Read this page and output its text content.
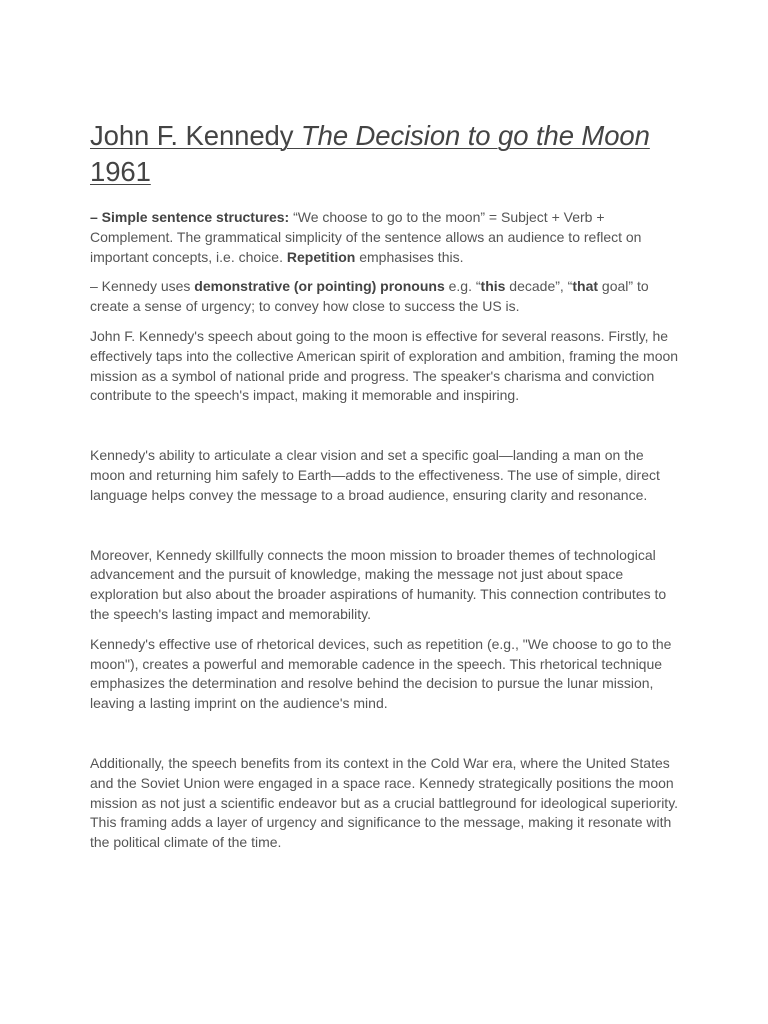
John F. Kennedy The Decision to go the Moon
1961

– Simple sentence structures: “We choose to go to the moon” = Subject + Verb + Complement. The grammatical simplicity of the sentence allows an audience to reflect on important concepts, i.e. choice. Repetition emphasises this.

– Kennedy uses demonstrative (or pointing) pronouns e.g. “this decade”, “that goal” to create a sense of urgency; to convey how close to success the US is.

John F. Kennedy's speech about going to the moon is effective for several reasons. Firstly, he effectively taps into the collective American spirit of exploration and ambition, framing the moon mission as a symbol of national pride and progress. The speaker's charisma and conviction contribute to the speech's impact, making it memorable and inspiring.

Kennedy's ability to articulate a clear vision and set a specific goal—landing a man on the moon and returning him safely to Earth—adds to the effectiveness. The use of simple, direct language helps convey the message to a broad audience, ensuring clarity and resonance.

Moreover, Kennedy skillfully connects the moon mission to broader themes of technological advancement and the pursuit of knowledge, making the message not just about space exploration but also about the broader aspirations of humanity. This connection contributes to the speech's lasting impact and memorability.

Kennedy's effective use of rhetorical devices, such as repetition (e.g., "We choose to go to the moon"), creates a powerful and memorable cadence in the speech. This rhetorical technique emphasizes the determination and resolve behind the decision to pursue the lunar mission, leaving a lasting imprint on the audience's mind.

Additionally, the speech benefits from its context in the Cold War era, where the United States and the Soviet Union were engaged in a space race. Kennedy strategically positions the moon mission as not just a scientific endeavor but as a crucial battleground for ideological superiority. This framing adds a layer of urgency and significance to the message, making it resonate with the political climate of the time.
